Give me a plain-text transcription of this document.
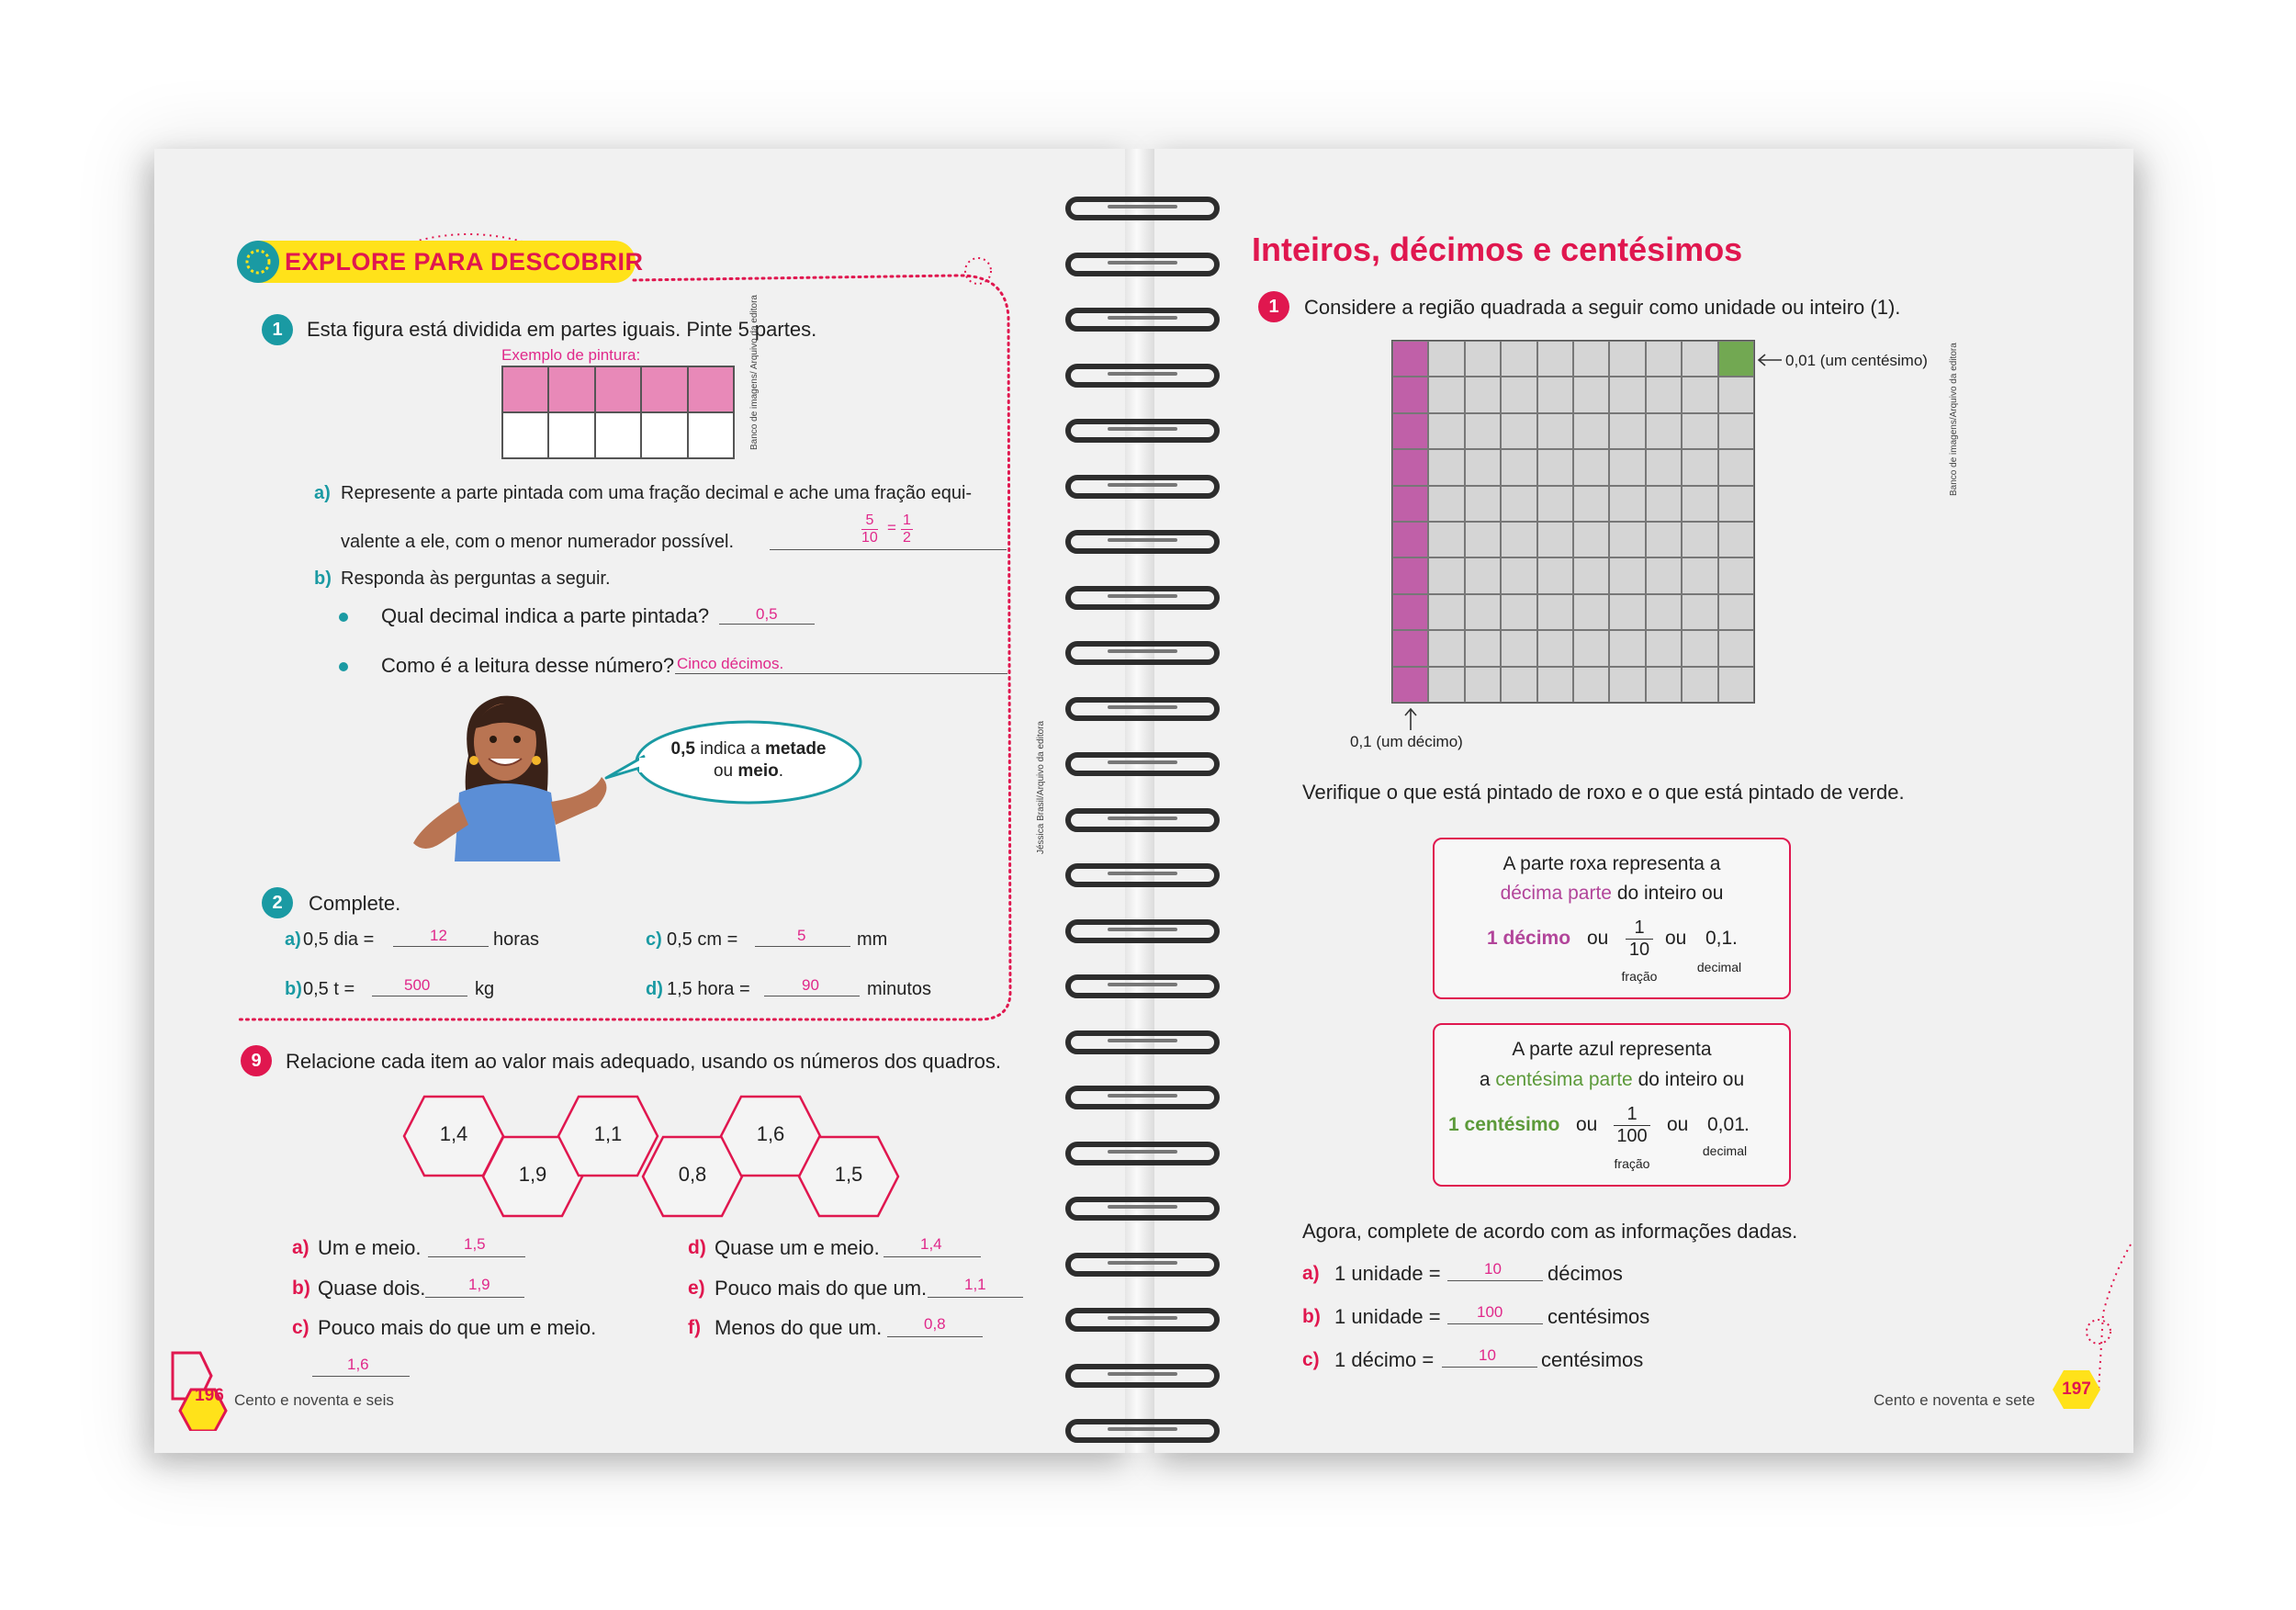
EXPLORE PARA DESCOBRIR
1	Esta figura está dividida em partes iguais. Pinte 5 partes.
Exemplo de pintura:	Banco de imagens/ Arquivo da editora
a) Represente a parte pintada com uma fração decimal e ache uma fração equi-
valente a ele, com o menor numerador possível.	$\frac{5}{10} = \frac{1}{2}$
b) Responda às perguntas a seguir.
Qual decimal indica a parte pintada?	0,5
Como é a leitura desse número? Cinco décimos.
Jéssica Brasil/Arquivo da editora
0,5 indica a metade
ou meio.
2	Complete.
9	Relacione cada item ao valor mais adequado, usando os números dos quadros.
196 Cento e noventa e seis
Inteiros, décimos e centésimos
1	Considere a região quadrada a seguir como unidade ou inteiro (1).
0,01 (um centésimo)
0,1 (um décimo)
Banco de imagens/Arquivo da editora
Verifique o que está pintado de roxo e o que está pintado de verde.
A parte roxa representa a
décima parte do inteiro ou
1 décimo ou $\frac{1}{10}$
fração
ou 0,1 .
decimal
A parte azul representa
a centésima parte do inteiro ou
1 centésimo ou $\frac{1}{100}$
fração
ou 0,01 .
decimal
Agora, complete de acordo com as informações dadas.
197
Cento e noventa e sete
a) 0,5 dia =	12	horas
b) 0,5 t =	500 kg
c) 0,5 cm =	5	mm
d) 1,5 hora =	90	minutos
1,4
1,9
1,1
0,8
1,6
1,5
a) Um e meio.	1,5
b) Quase dois.	1,9
c) Pouco mais do que um e meio.
1,6
d) Quase um e meio.	1,4
e) Pouco mais do que um. 1,1
f) Menos do que um.	0,8
a) 1 unidade =	10 décimos
b) 1 unidade = 100 centésimos
c) 1 décimo =	10 centésimos
